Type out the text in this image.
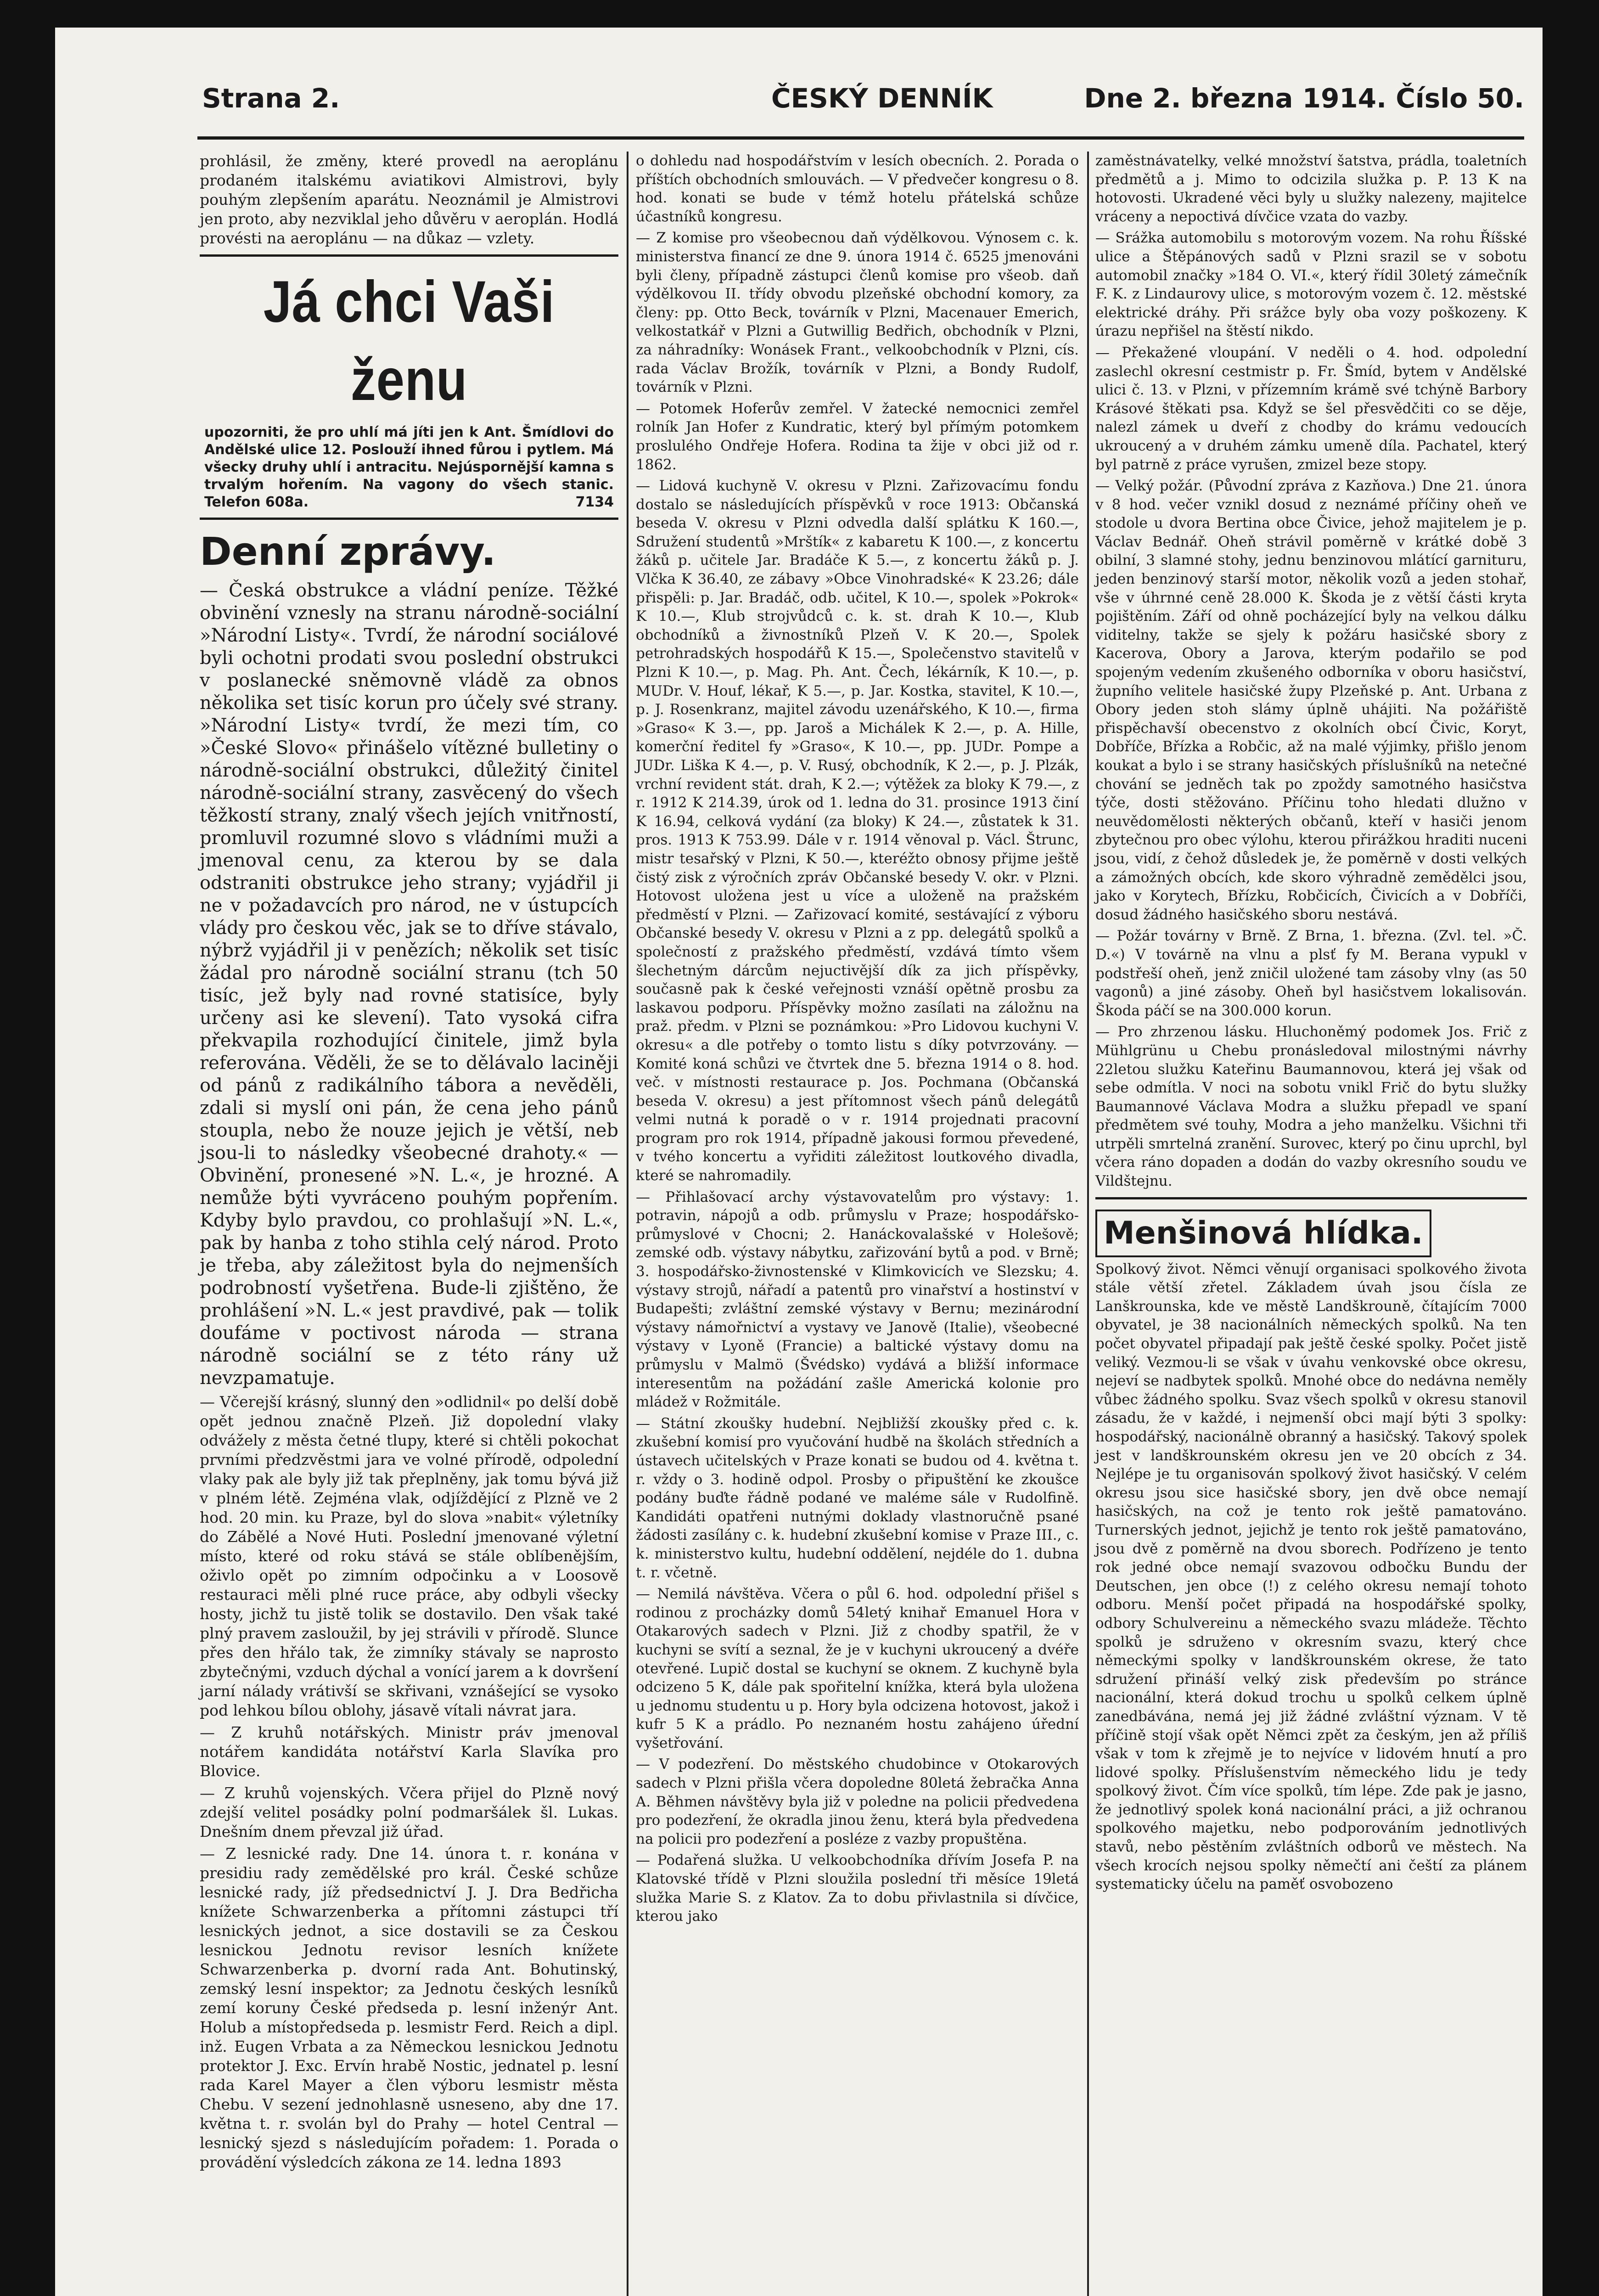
Strana 2.	ČESKÝ DENNÍK	Dne 2. března 1914. Číslo 50.

prohlásil, že změny, které provedl na aeroplánu prodaném italskému aviatikovi Almistrovi, byly pouhým zlepšením aparátu. Neoznámil je Almistrovi jen proto, aby nezviklal jeho důvěru v aeroplán. Hodlá provésti na aeroplánu — na důkaz — vzlety.

Já chci Vaši ženu
upozorniti, že pro uhlí má jíti jen k Ant. Šmídlovi do Andělské ulice 12. Poslouží ihned fůrou i pytlem. Má všecky druhy uhlí i antracitu. Nejúspornější kamna s trvalým hořením. Na vagony do všech stanic. Telefon 608a.	7134
Denní zprávy.

— Česká obstrukce a vládní peníze. Těžké obvinění vznesly na stranu národně-sociální »Národní Listy«. Tvrdí, že národní sociálové byli ochotni prodati svou poslední obstrukci v poslanecké sněmovně vládě za obnos několika set tisíc korun pro účely své strany. »Národní Listy« tvrdí, že mezi tím, co »České Slovo« přinášelo vítězné bulletiny o národně-sociální obstrukci, důležitý činitel národně-sociální strany, zasvěcený do všech těžkostí strany, znalý všech jejích vnitřností, promluvil rozumné slovo s vládními muži a jmenoval cenu, za kterou by se dala odstraniti obstrukce jeho strany; vyjádřil ji ne v požadavcích pro národ, ne v ústupcích vlády pro českou věc, jak se to dříve stávalo, nýbrž vyjádřil ji v penězích; několik set tisíc žádal pro národně sociální stranu (tch 50 tisíc, jež byly nad rovné statisíce, byly určeny asi ke slevení). Tato vysoká cifra překvapila rozhodující činitele, jimž byla referována. Věděli, že se to dělávalo laciněji od pánů z radikálního tábora a nevěděli, zdali si myslí oni pán, že cena jeho pánů stoupla, nebo že nouze jejich je větší, neb jsou-li to následky všeobecné drahoty.« — Obvinění, pronesené »N. L.«, je hrozné. A nemůže býti vyvráceno pouhým popřením. Kdyby bylo pravdou, co prohlašují »N. L.«, pak by hanba z toho stihla celý národ. Proto je třeba, aby záležitost byla do nejmenších podrobností vyšetřena. Bude-li zjištěno, že prohlášení »N. L.« jest pravdivé, pak — tolik doufáme v poctivost národa — strana národně sociální se z této rány už nevzpamatuje.

— Včerejší krásný, slunný den »odlidnil« po delší době opět jednou značně Plzeň. Již dopolední vlaky odvážely z města četné tlupy, které si chtěli pokochat prvními předzvěstmi jara ve volné přírodě, odpolední vlaky pak ale byly již tak přeplněny, jak tomu bývá již v plném létě. Zejména vlak, odjíždějící z Plzně ve 2 hod. 20 min. ku Praze, byl do slova »nabit« výletníky do Zábělé a Nové Huti. Poslední jmenované výletní místo, které od roku stává se stále oblíbenějším, oživlo opět po zimním odpočinku a v Loosově restauraci měli plné ruce práce, aby odbyli všecky hosty, jichž tu jistě tolik se dostavilo. Den však také plný pravem zasloužil, by jej strávili v přírodě. Slunce přes den hřálo tak, že zimníky stávaly se naprosto zbytečnými, vzduch dýchal a vonící jarem a k dovršení jarní nálady vrátivší se skřivani, vznášející se vysoko pod lehkou bílou oblohy, jásavě vítali návrat jara.

— Z kruhů notářských. Ministr práv jmenoval notářem kandidáta notářství Karla Slavíka pro Blovice.

— Z kruhů vojenských. Včera přijel do Plzně nový zdejší velitel posádky polní podmaršálek šl. Lukas. Dnešním dnem převzal již úřad.

— Z lesnické rady. Dne 14. února t. r. konána v presidiu rady zemědělské pro král. České schůze lesnické rady, jíž předsednictví J. J. Dra Bedřicha knížete Schwarzenberka a přítomni zástupci tří lesnických jednot, a sice dostavili se za Českou lesnickou Jednotu revisor lesních knížete Schwarzenberka p. dvorní rada Ant. Bohutinský, zemský lesní inspektor; za Jednotu českých lesníků zemí koruny České předseda p. lesní inženýr Ant. Holub a místopředseda p. lesmistr Ferd. Reich a dipl. inž. Eugen Vrbata a za Německou lesnickou Jednotu protektor J. Exc. Ervín hrabě Nostic, jednatel p. lesní rada Karel Mayer a člen výboru lesmistr města Chebu. V sezení jednohlasně usneseno, aby dne 17. května t. r. svolán byl do Prahy — hotel Central — lesnický sjezd s následujícím pořadem: 1. Porada o provádění výsledcích zákona ze 14. ledna 1893

o dohledu nad hospodářstvím v lesích obecních. 2. Porada o příštích obchodních smlouvách. — V předvečer kongresu o 8. hod. konati se bude v témž hotelu přátelská schůze účastníků kongresu.

— Z komise pro všeobecnou daň výdělkovou. Výnosem c. k. ministerstva financí ze dne 9. února 1914 č. 6525 jmenováni byli členy, případně zástupci členů komise pro všeob. daň výdělkovou II. třídy obvodu plzeňské obchodní komory, za členy: pp. Otto Beck, továrník v Plzni, Macenauer Emerich, velkostatkář v Plzni a Gutwillig Bedřich, obchodník v Plzni, za náhradníky: Wonásek Frant., velkoobchodník v Plzni, cís. rada Václav Brožík, továrník v Plzni, a Bondy Rudolf, továrník v Plzni.

— Potomek Hoferův zemřel. V žatecké nemocnici zemřel rolník Jan Hofer z Kundratic, který byl přímým potomkem proslulého Ondřeje Hofera. Rodina ta žije v obci již od r. 1862.

— Lidová kuchyně V. okresu v Plzni. Zařizovacímu fondu dostalo se následujících příspěvků v roce 1913: Občanská beseda V. okresu v Plzni odvedla další splátku K 160.—, Sdružení studentů »Mrštík« z kabaretu K 100.—, z koncertu žáků p. učitele Jar. Bradáče K 5.—, z koncertu žáků p. J. Vlčka K 36.40, ze zábavy »Obce Vinohradské« K 23.26; dále přispěli: p. Jar. Bradáč, odb. učitel, K 10.—, spolek »Pokrok« K 10.—, Klub strojvůdců c. k. st. drah K 10.—, Klub obchodníků a živnostníků Plzeň V. K 20.—, Spolek petrohradských hospodářů K 15.—, Společenstvo stavitelů v Plzni K 10.—, p. Mag. Ph. Ant. Čech, lékárník, K 10.—, p. MUDr. V. Houf, lékař, K 5.—, p. Jar. Kostka, stavitel, K 10.—, p. J. Rosenkranz, majitel závodu uzenářského, K 10.—, firma »Graso« K 3.—, pp. Jaroš a Michálek K 2.—, p. A. Hille, komerční ředitel fy »Graso«, K 10.—, pp. JUDr. Pompe a JUDr. Liška K 4.—, p. V. Rusý, obchodník, K 2.—, p. J. Plzák, vrchní revident stát. drah, K 2.—; výtěžek za bloky K 79.—, z r. 1912 K 214.39, úrok od 1. ledna do 31. prosince 1913 činí K 16.94, celková vydání (za bloky) K 24.—, zůstatek k 31. pros. 1913 K 753.99. Dále v r. 1914 věnoval p. Václ. Štrunc, mistr tesařský v Plzni, K 50.—, kteréžto obnosy přijme ještě čistý zisk z výročních zpráv Občanské besedy V. okr. v Plzni. Hotovost uložena jest u více a uloženě na pražském předměstí v Plzni. — Zařizovací komité, sestávající z výboru Občanské besedy V. okresu v Plzni a z pp. delegátů spolků a společností z pražského předměstí, vzdává tímto všem šlechetným dárcům nejuctivější dík za jich příspěvky, současně pak k české veřejnosti vznáší opětně prosbu za laskavou podporu. Příspěvky možno zasílati na záložnu na praž. předm. v Plzni se poznámkou: »Pro Lidovou kuchyni V. okresu« a dle potřeby o tomto listu s díky potvrzovány. — Komité koná schůzi ve čtvrtek dne 5. března 1914 o 8. hod. več. v místnosti restaurace p. Jos. Pochmana (Občanská beseda V. okresu) a jest přítomnost všech pánů delegátů velmi nutná k poradě o v r. 1914 projednati pracovní program pro rok 1914, případně jakousi formou převedené, v tvého koncertu a vyřiditi záležitost loutkového divadla, které se nahromadily.

— Přihlašovací archy výstavovatelům pro výstavy: 1. potravin, nápojů a odb. průmyslu v Praze; hospodářsko-průmyslové v Chocni; 2. Hanáckovalašské v Holešově; zemské odb. výstavy nábytku, zařizování bytů a pod. v Brně; 3. hospodářsko-živnostenské v Klimkovicích ve Slezsku; 4. výstavy strojů, nářadí a patentů pro vinařství a hostinství v Budapešti; zvláštní zemské výstavy v Bernu; mezinárodní výstavy námořnictví a vystavy ve Janově (Italie), všeobecné výstavy v Lyoně (Francie) a baltické výstavy domu na průmyslu v Malmö (Švédsko) vydává a bližší informace interesentům na požádání zašle Americká kolonie pro mládež v Rožmitále.

— Státní zkoušky hudební. Nejbližší zkoušky před c. k. zkušební komisí pro vyučování hudbě na školách středních a ústavech učitelských v Praze konati se budou od 4. května t. r. vždy o 3. hodině odpol. Prosby o připuštění ke zkoušce podány buďte řádně podané ve maléme sále v Rudolfině. Kandidáti opatřeni nutnými doklady vlastnoručně psané žádosti zasílány c. k. hudební zkušební komise v Praze III., c. k. ministerstvo kultu, hudební oddělení, nejdéle do 1. dubna t. r. včetně.

— Nemilá návštěva. Včera o půl 6. hod. odpolední přišel s rodinou z procházky domů 54letý knihař Emanuel Hora v Otakarových sadech v Plzni. Již z chodby spatřil, že v kuchyni se svítí a seznal, že je v kuchyni ukroucený a dvéře otevřené. Lupič dostal se kuchyní se oknem. Z kuchyně byla odcizeno 5 K, dále pak spořitelní knížka, která byla uložena u jednomu studentu u p. Hory byla odcizena hotovost, jakož i kufr 5 K a prádlo. Po neznaném hostu zahájeno úřední vyšetřování.

— V podezření. Do městského chudobince v Otokarových sadech v Plzni přišla včera dopoledne 80letá žebračka Anna A. Běhmen návštěvy byla již v poledne na policii předvedena pro podezření, že okradla jinou ženu, která byla předvedena na policii pro podezření a posléze z vazby propuštěna.

— Podařená služka. U velkoobchodníka dřívím Josefa P. na Klatovské třídě v Plzni sloužila poslední tři měsíce 19letá služka Marie S. z Klatov. Za to dobu přivlastnila si dívčice, kterou jako

zaměstnávatelky, velké množství šatstva, prádla, toaletních předmětů a j. Mimo to odcizila služka p. P. 13 K na hotovosti. Ukradené věci byly u služky nalezeny, majitelce vráceny a nepoctivá dívčice vzata do vazby.

— Srážka automobilu s motorovým vozem. Na rohu Říšské ulice a Štěpánových sadů v Plzni srazil se v sobotu automobil značky »184 O. VI.«, který řídil 30letý zámečník F. K. z Lindaurovy ulice, s motorovým vozem č. 12. městské elektrické dráhy. Při srážce byly oba vozy poškozeny. K úrazu nepřišel na štěstí nikdo.

— Překažené vloupání. V neděli o 4. hod. odpolední zaslechl okresní cestmistr p. Fr. Šmíd, bytem v Andělské ulici č. 13. v Plzni, v přízemním krámě své tchýně Barbory Krásové štěkati psa. Když se šel přesvědčiti co se děje, nalezl zámek u dveří z chodby do krámu vedoucích ukroucený a v druhém zámku umeně díla. Pachatel, který byl patrně z práce vyrušen, zmizel beze stopy.

— Velký požár. (Původní zpráva z Kazňova.) Dne 21. února v 8 hod. večer vznikl dosud z neznámé příčiny oheň ve stodole u dvora Bertina obce Čivice, jehož majitelem je p. Václav Bednář. Oheň strávil poměrně v krátké době 3 obilní, 3 slamné stohy, jednu benzinovou mlátící garnituru, jeden benzinový starší motor, několik vozů a jeden stohař, vše v úhrnné ceně 28.000 K. Škoda je z větší části kryta pojištěním. Září od ohně pocházející byly na velkou dálku viditelny, takže se sjely k požáru hasičské sbory z Kacerova, Obory a Jarova, kterým podařilo se pod spojeným vedením zkušeného odborníka v oboru hasičství, župního velitele hasičské župy Plzeňské p. Ant. Urbana z Obory jeden stoh slámy úplně uhájiti. Na požářiště přispěchavší obecenstvo z okolních obcí Čivic, Koryt, Dobříče, Břízka a Robčic, až na malé výjimky, přišlo jenom koukat a bylo i se strany hasičských příslušníků na netečné chování se jedněch tak po zpoždy samotného hasičstva týče, dosti stěžováno. Příčinu toho hledati dlužno v neuvědomělosti některých občanů, kteří v hasiči jenom zbytečnou pro obec výlohu, kterou přirážkou hraditi nuceni jsou, vidí, z čehož důsledek je, že poměrně v dosti velkých a zámožných obcích, kde skoro výhradně zemědělci jsou, jako v Korytech, Břízku, Robčicích, Čivicích a v Dobříči, dosud žádného hasičského sboru nestává.

— Požár továrny v Brně. Z Brna, 1. března. (Zvl. tel. »Č. D.«) V továrně na vlnu a plsť fy M. Berana vypukl v podstřeší oheň, jenž zničil uložené tam zásoby vlny (as 50 vagonů) a jiné zásoby. Oheň byl hasičstvem lokalisován. Škoda páčí se na 300.000 korun.

— Pro zhrzenou lásku. Hluchoněmý podomek Jos. Frič z Mühlgrünu u Chebu pronásledoval milostnými návrhy 22letou služku Kateřinu Baumannovou, která jej však od sebe odmítla. V noci na sobotu vnikl Frič do bytu služky Baumannové Václava Modra a služku přepadl ve spaní předmětem své touhy, Modra a jeho manželku. Všichni tři utrpěli smrtelná zranění. Surovec, který po činu uprchl, byl včera ráno dopaden a dodán do vazby okresního soudu ve Vildštejnu.

Menšinová hlídka.

Spolkový život. Němci věnují organisaci spolkového života stále větší zřetel. Základem úvah jsou čísla ze Lanškrounska, kde ve městě Landškrouně, čítajícím 7000 obyvatel, je 38 nacionálních německých spolků. Na ten počet obyvatel připadají pak ještě české spolky. Počet jistě veliký. Vezmou-li se však v úvahu venkovské obce okresu, nejeví se nadbytek spolků. Mnohé obce do nedávna neměly vůbec žádného spolku. Svaz všech spolků v okresu stanovil zásadu, že v každé, i nejmenší obci mají býti 3 spolky: hospodářský, nacionálně obranný a hasičský. Takový spolek jest v landškrounském okresu jen ve 20 obcích z 34. Nejlépe je tu organisován spolkový život hasičský. V celém okresu jsou sice hasičské sbory, jen dvě obce nemají hasičských, na což je tento rok ještě pamatováno. Turnerských jednot, jejichž je tento rok ještě pamatováno, jsou dvě z poměrně na dvou sborech. Podřízeno je tento rok jedné obce nemají svazovou odbočku Bundu der Deutschen, jen obce (!) z celého okresu nemají tohoto odboru. Menší počet připadá na hospodářské spolky, odbory Schulvereinu a německého svazu mládeže. Těchto spolků je sdruženo v okresním svazu, který chce německými spolky v landškrounském okrese, že tato sdružení přináší velký zisk především po stránce nacionální, která dokud trochu u spolků celkem úplně zanedbávána, nemá jej již žádné zvláštní význam. V tě příčině stojí však opět Němci zpět za českým, jen až příliš však v tom k zřejmě je to nejvíce v lidovém hnutí a pro lidové spolky. Příslušenstvím německého lidu je tedy spolkový život. Čím více spolků, tím lépe. Zde pak je jasno, že jednotlivý spolek koná nacionální práci, a již ochranou spolkového majetku, nebo podporováním jednotlivých stavů, nebo pěstěním zvláštních odborů ve městech. Na všech krocích nejsou spolky němečtí ani čeští za plánem systematicky účelu na paměť osvobozeno
